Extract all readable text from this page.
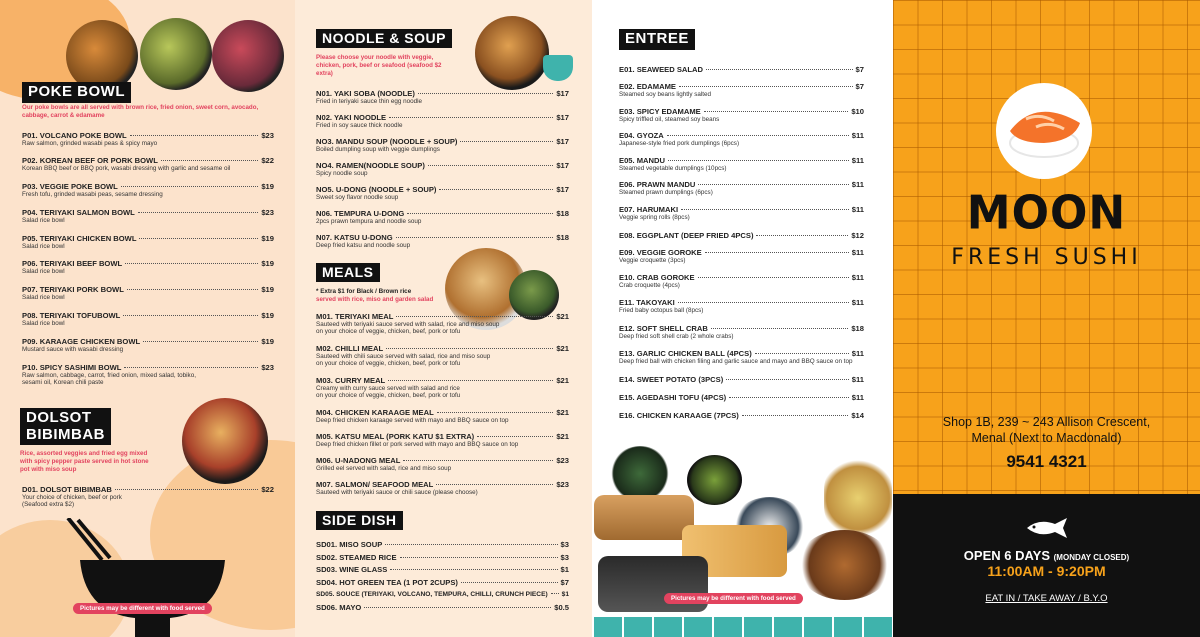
POKE BOWL
Our poke bowls are all served with brown rice, fried onion, sweet corn, avocado, cabbage, carrot & edamame
P01. VOLCANO POKE BOWL	$23
Raw salmon, grinded wasabi peas & spicy mayo
P02. KOREAN BEEF OR PORK BOWL	$22
Korean BBQ beef or BBQ pork, wasabi dressing with garlic and sesame oil
P03. VEGGIE POKE BOWL	$19
Fresh tofu, grinded wasabi peas, sesame dressing
P04. TERIYAKI SALMON BOWL	$23
Salad rice bowl
P05. TERIYAKI CHICKEN BOWL	$19
Salad rice bowl
P06. TERIYAKI BEEF BOWL	$19
Salad rice bowl
P07. TERIYAKI PORK BOWL	$19
Salad rice bowl
P08. TERIYAKI TOFUBOWL	$19
Salad rice bowl
P09. KARAAGE CHICKEN BOWL	$19
Mustard sauce with wasabi dressing
P10. SPICY SASHIMI BOWL	$23
Raw salmon, cabbage, carrot, fried onion, mixed salad, tobiko, sesami oil, Korean chili paste
DOLSOT
BIBIMBAB
Rice, assorted veggies and fried egg mixed with spicy pepper paste served in hot stone pot with miso soup
D01. DOLSOT BIBIMBAB	$22
Your choice of chicken, beef or pork (Seafood extra $2)
Pictures may be different with food served
NOODLE & SOUP
Please choose your noodle with veggie, chicken, pork, beef or seafood (seafood $2 extra)
N01. YAKI SOBA (NOODLE)	$17
Fried in teriyaki sauce thin egg noodle
N02. YAKI NOODLE	$17
Fried in soy sauce thick noodle
NO3. MANDU SOUP (NOODLE + SOUP)	$17
Boiled dumpling soup with veggie dumplings
NO4. RAMEN(NOODLE SOUP)	$17
Spicy noodle soup
NO5. U-DONG (NOODLE + SOUP)	$17
Sweet soy flavor noodle soup
N06. TEMPURA U-DONG	$18
2pcs prawn tempura and noodle soup
N07. KATSU U-DONG	$18
Deep fried katsu and noodle soup
MEALS
* Extra $1 for Black / Brown rice
served with rice, miso and garden salad
M01. TERIYAKI MEAL	$21
Sauteed with teriyaki sauce served with salad, rice and miso soup
on your choice of veggie, chicken, beef, pork or tofu
M02. CHILLI MEAL	$21
Sauteed with chili sauce served with salad, rice and miso soup
on your choice of veggie, chicken, beef, pork or tofu
M03. CURRY MEAL	$21
Creamy with curry sauce served with salad and rice
on your choice of veggie, chicken, beef, pork or tofu
M04. CHICKEN KARAAGE MEAL	$21
Deep fried chicken karaage served with mayo and BBQ sauce on top
M05. KATSU MEAL (PORK KATU $1 EXTRA)	$21
Deep fried chicken fillet or pork served with mayo and BBQ sauce on top
M06. U-NADONG MEAL	$23
Grilled eel served with salad, rice and miso soup
M07. SALMON/ SEAFOOD MEAL	$23
Sauteed with teriyaki sauce or chili sauce (please choose)
SIDE DISH
SD01. MISO SOUP	$3
SD02. STEAMED RICE	$3
SD03. WINE GLASS	$1
SD04. HOT GREEN TEA (1 POT 2CUPS)	$7
SD05. SOUCE (TERIYAKI, VOLCANO, TEMPURA, CHILLI, CRUNCH PIECE) $1
SD06. MAYO	$0.5
ENTREE
E01. SEAWEED SALAD	$7
E02. EDAMAME	$7
Steamed soy beans lightly salted
E03. SPICY EDAMAME	$10
Spicy triffled oil, steamed soy beans
E04. GYOZA	$11
Japanese-style fried pork dumplings (6pcs)
E05. MANDU	$11
Steamed vegetable dumplings (10pcs)
E06. PRAWN MANDU	$11
Steamed prawn dumplings (6pcs)
E07. HARUMAKI	$11
Veggie spring rolls (8pcs)
E08. EGGPLANT (DEEP FRIED 4PCS)	$12
E09. VEGGIE GOROKE	$11
Veggie croquette (3pcs)
E10. CRAB GOROKE	$11
Crab croquette (4pcs)
E11. TAKOYAKI	$11
Fried baby octopus ball (8pcs)
E12. SOFT SHELL CRAB	$18
Deep fried soft shell crab (2 whole crabs)
E13. GARLIC CHICKEN BALL (4PCS)	$11
Deep fried ball with chicken filing and garlic sauce and mayo and BBQ sauce on top
E14. SWEET POTATO (3PCS)	$11
E15. AGEDASHI TOFU (4PCS)	$11
E16. CHICKEN KARAAGE (7PCS)	$14
Pictures may be different with food served
MOON
FRESH SUSHI
Shop 1B, 239 ~ 243 Allison Crescent,
Menal (Next to Macdonald)
9541 4321
OPEN 6 DAYS (MONDAY CLOSED)
11:00AM - 9:20PM
EAT IN / TAKE AWAY / B.Y.O
